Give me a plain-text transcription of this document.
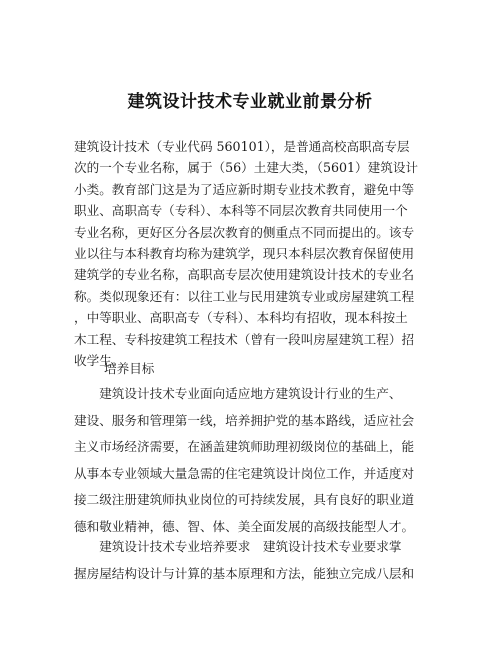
建筑设计技术专业就业前景分析
建筑设计技术（专业代码 560101），是普通高校高职高专层
次的一个专业名称，属于（56）土建大类，（5601）建筑设计
小类。教育部门这是为了适应新时期专业技术教育，避免中等
职业、高职高专（专科）、本科等不同层次教育共同使用一个
专业名称，更好区分各层次教育的侧重点不同而提出的。该专
业以往与本科教育均称为建筑学，现只本科层次教育保留使用
建筑学的专业名称，高职高专层次使用建筑设计技术的专业名
称。类似现象还有：以往工业与民用建筑专业或房屋建筑工程
，中等职业、高职高专（专科）、本科均有招收，现本科按土
木工程、专科按建筑工程技术（曾有一段叫房屋建筑工程）招
收学生。
培养目标
　　建筑设计技术专业面向适应地方建筑设计行业的生产、
建设、服务和管理第一线，培养拥护党的基本路线，适应社会
主义市场经济需要，在涵盖建筑师助理初级岗位的基础上，能
从事本专业领域大量急需的住宅建筑设计岗位工作，并适度对
接二级注册建筑师执业岗位的可持续发展，具有良好的职业道
德和敬业精神，德、智、体、美全面发展的高级技能型人才。
　　建筑设计技术专业培养要求　建筑设计技术专业要求掌
握房屋结构设计与计算的基本原理和方法，能独立完成八层和
